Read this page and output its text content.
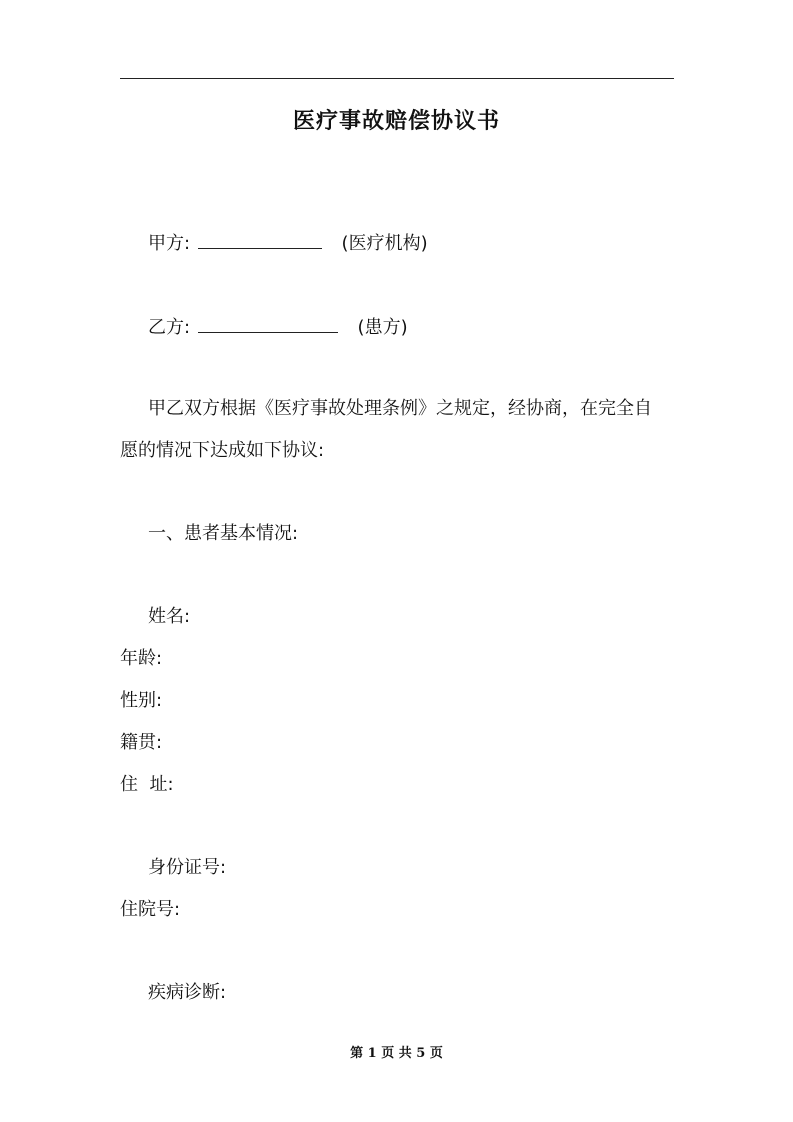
医疗事故赔偿协议书
甲方:	(医疗机构)
乙方:	(患方)
甲乙双方根据《医疗事故处理条例》之规定，经协商，在完全自
愿的情况下达成如下协议:
一、患者基本情况:
姓名:
年龄:
性别:
籍贯:
住  址:
身份证号:
住院号:
疾病诊断:
第 1 页 共 5 页
